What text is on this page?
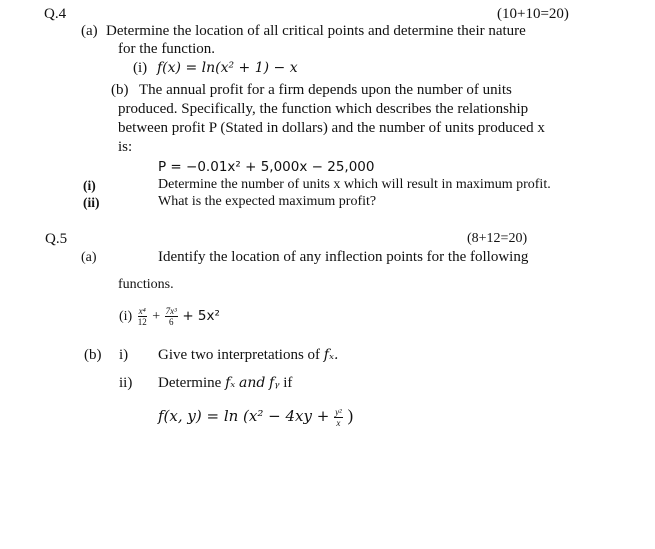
Q.4	(10+10=20)
(a) Determine the location of all critical points and determine their nature
for the function.
(i) f(x) = ln(x² + 1) − x
(b) The annual profit for a firm depends upon the number of units
produced. Specifically, the function which describes the relationship
between profit P (Stated in dollars) and the number of units produced x
is:
P = −0.01x² + 5,000x − 25,000
(i)	Determine the number of units x which will result in maximum profit.
(ii)	What is the expected maximum profit?
Q.5	(8+12=20)
(a)	Identify the location of any inflection points for the following
functions.
$(i) \frac{\text{x⁴}}{12} + \frac{\text{7x³}}{6} + 5x^2$
(b) i) Give two interpretations of fₓ.
ii) Determine fₓ and fᵧ if
f(x, $y) = \ln (x^2 - 4xy + \frac{\text{y²}}{x}$ )
